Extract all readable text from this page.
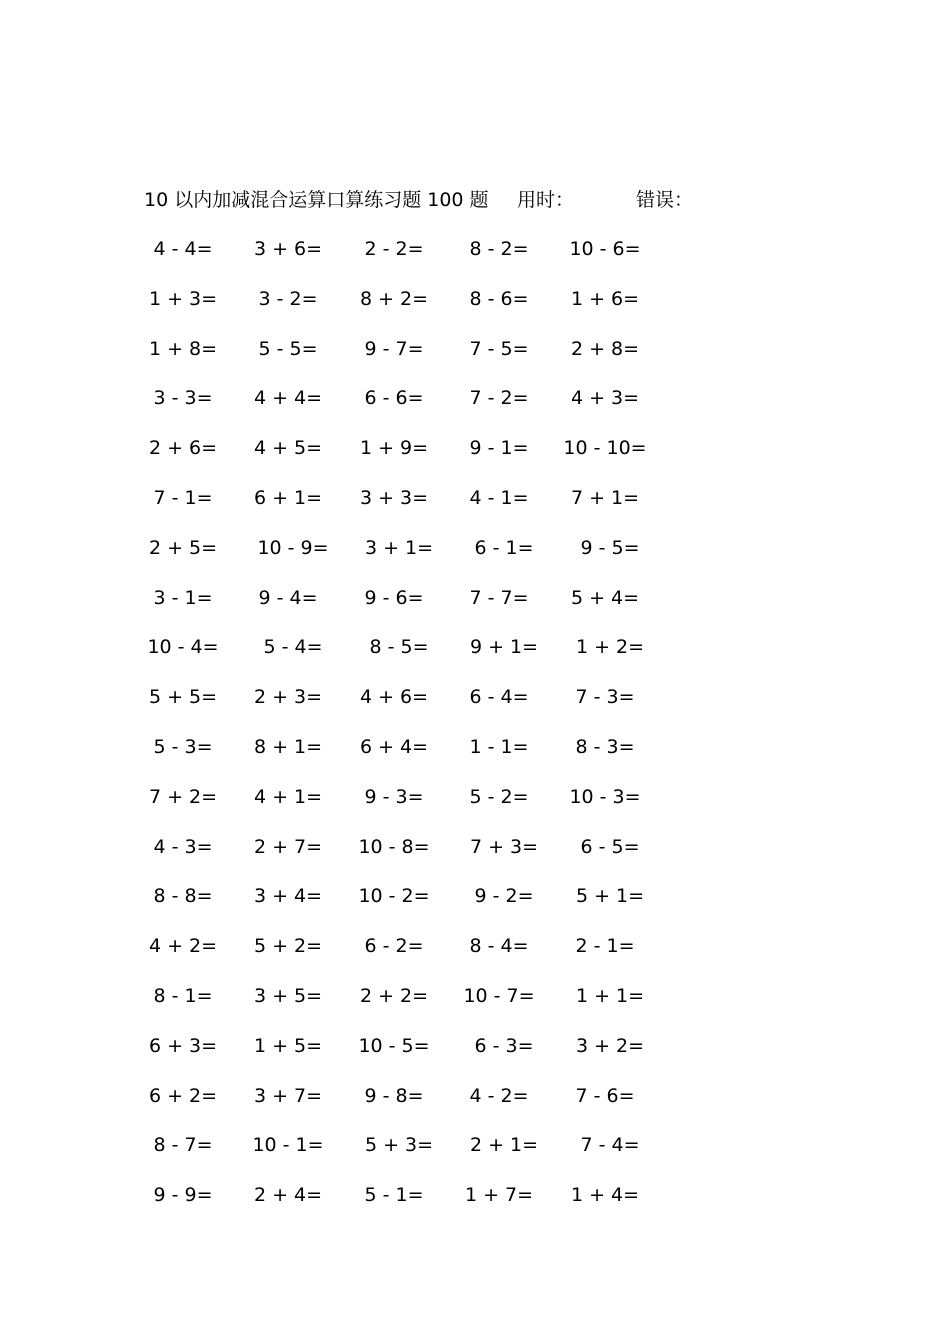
10 以内加减混合运算口算练习题 100 题 用时：	错误：
4 - 4=	3 + 6=	2 - 2=	8 - 2=	10 - 6=
1 + 3=	3 - 2=	8 + 2=	8 - 6=	1 + 6=
1 + 8=	5 - 5=	9 - 7=	7 - 5=	2 + 8=
3 - 3=	4 + 4=	6 - 6=	7 - 2=	4 + 3=
2 + 6=	4 + 5=	1 + 9=	9 - 1=	10 - 10=
7 - 1=	6 + 1=	3 + 3=	4 - 1=	7 + 1=
2 + 5=	10 - 9=	3 + 1=	6 - 1=	9 - 5=
3 - 1=	9 - 4=	9 - 6=	7 - 7=	5 + 4=
10 - 4=	5 - 4=	8 - 5=	9 + 1=	1 + 2=
5 + 5=	2 + 3=	4 + 6=	6 - 4=	7 - 3=
5 - 3=	8 + 1=	6 + 4=	1 - 1=	8 - 3=
7 + 2=	4 + 1=	9 - 3=	5 - 2=	10 - 3=
4 - 3=	2 + 7=	10 - 8=	7 + 3=	6 - 5=
8 - 8=	3 + 4=	10 - 2=	9 - 2=	5 + 1=
4 + 2=	5 + 2=	6 - 2=	8 - 4=	2 - 1=
8 - 1=	3 + 5=	2 + 2=	10 - 7=	1 + 1=
6 + 3=	1 + 5=	10 - 5=	6 - 3=	3 + 2=
6 + 2=	3 + 7=	9 - 8=	4 - 2=	7 - 6=
8 - 7=	10 - 1=	5 + 3=	2 + 1=	7 - 4=
9 - 9=	2 + 4=	5 - 1=	1 + 7=	1 + 4=
